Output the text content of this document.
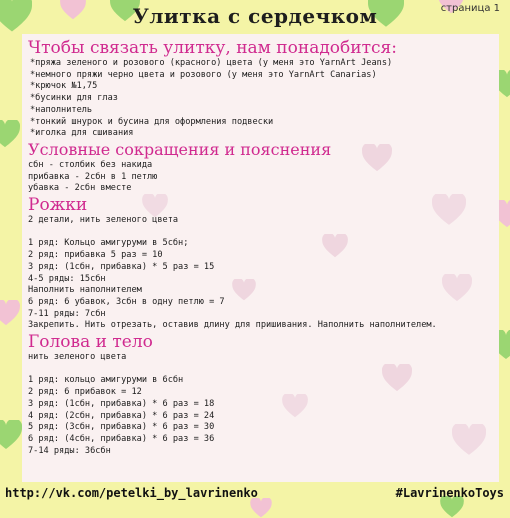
Улитка с сердечком	страница 1
Чтобы связать улитку, нам понадобится:
*пряжа зеленого и розового (красного) цвета (у меня это YarnArt Jeans)
*немного пряжи черно цвета и розового (у меня это YarnArt Canarias)
*крючок №1,75
*бусинки для глаз
*наполнитель
*тонкий шнурок и бусина для оформления подвески
*иголка для сшивания
Условные сокращения и пояснения
сбн - столбик без накида
прибавка - 2сбн в 1 петлю
убавка - 2сбн вместе
Рожки
2 детали, нить зеленого цвета
1 ряд: Кольцо амигуруми в 5сбн;
2 ряд: прибавка 5 раз = 10
3 ряд: (1сбн, прибавка) * 5 раз = 15
4-5 ряды: 15сбн
Наполнить наполнителем
6 ряд: 6 убавок, 3сбн в одну петлю = 7
7-11 ряды: 7сбн
Закрепить. Нить отрезать, оставив длину для пришивания. Наполнить наполнителем.
Голова и тело
нить зеленого цвета
1 ряд: кольцо амигуруми в 6сбн
2 ряд: 6 прибавок = 12
3 ряд: (1сбн, прибавка) * 6 раз = 18
4 ряд: (2сбн, прибавка) * 6 раз = 24
5 ряд: (3сбн, прибавка) * 6 раз = 30
6 ряд: (4сбн, прибавка) * 6 раз = 36
7-14 ряды: 36сбн
http://vk.com/petelki_by_lavrinenko	#LavrinenkoToys
